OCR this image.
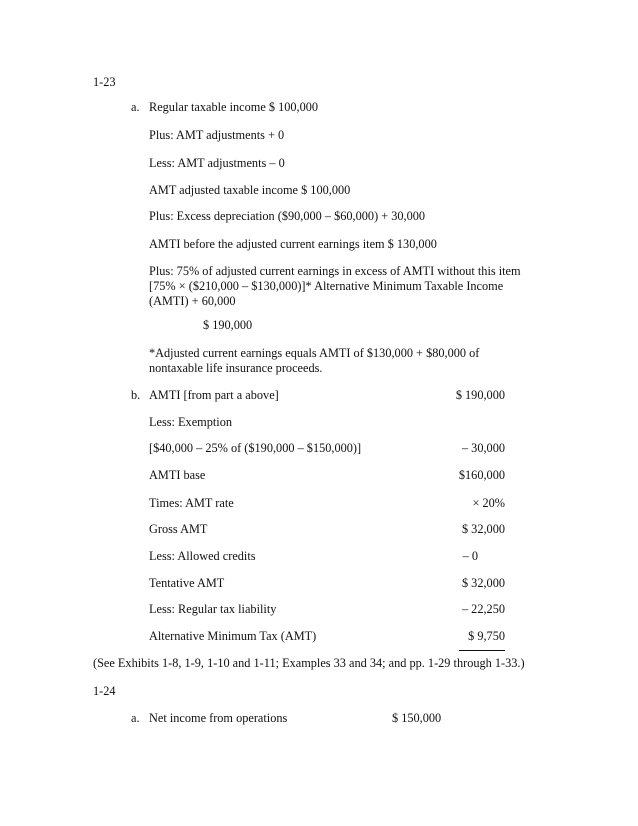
1-23
a. Regular taxable income $ 100,000
Plus: AMT adjustments + 0
Less: AMT adjustments – 0
AMT adjusted taxable income $ 100,000
Plus: Excess depreciation ($90,000 – $60,000) + 30,000
AMTI before the adjusted current earnings item $ 130,000
Plus: 75% of adjusted current earnings in excess of AMTI without this item
[75% × ($210,000 – $130,000)]* Alternative Minimum Taxable Income
(AMTI) + 60,000
$ 190,000
*Adjusted current earnings equals AMTI of $130,000 + $80,000 of
nontaxable life insurance proceeds.
b. AMTI [from part a above]	$ 190,000
Less: Exemption
[$40,000 – 25% of ($190,000 – $150,000)]	– 30,000
AMTI base	$160,000
Times: AMT rate	× 20%
Gross AMT	$ 32,000
Less: Allowed credits	– 0
Tentative AMT	$ 32,000
Less: Regular tax liability	– 22,250
Alternative Minimum Tax (AMT)	$ 9,750
(See Exhibits 1-8, 1-9, 1-10 and 1-11; Examples 33 and 34; and pp. 1-29 through 1-33.)
1-24
a. Net income from operations	$ 150,000
